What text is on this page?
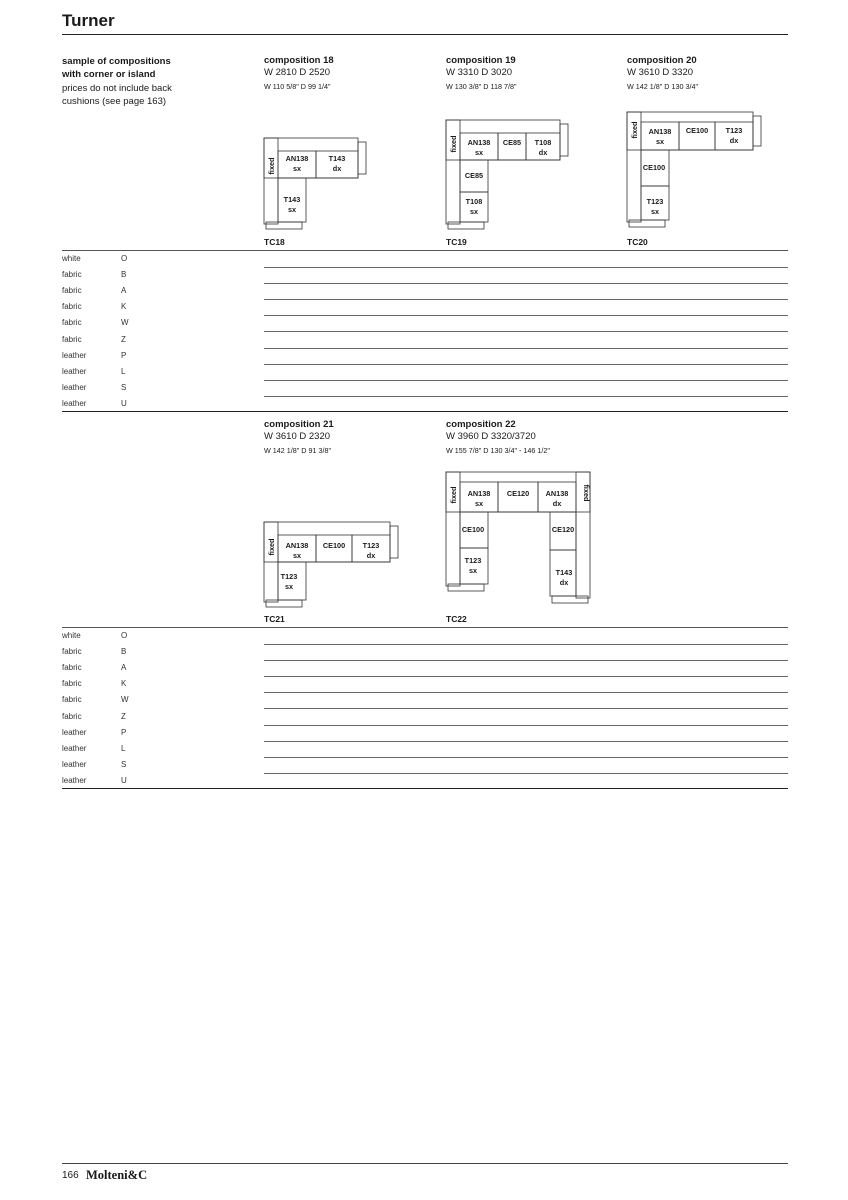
Turner
sample of compositions
with corner or island
prices do not include back
cushions (see page 163)
composition 18
W 2810 D 2520
W 110 5/8" D 99 1/4"
fixed AN138
sx
T143
dx
T143
sx
TC18
composition 19
W 3310 D 3020
W 130 3/8" D 118 7/8"
fixed AN138
sx
CE85 T108
dx
CE85
T108
sx
TC19
composition 20
W 3610 D 3320
W 142 1/8" D 130 3/4"
fixed AN138
sx
CE100 T123
dx
CE100
T123
sx
TC20
white	O
fabric	B
fabric	A
fabric	K
fabric	W
fabric	Z
leather	P
leather	L
leather	S
leather	U
composition 21
W 3610 D 2320
W 142 1/8" D 91 3/8"
fixed AN138
sx
CE100 T123
dx
T123
sx
TC21
composition 22
W 3960 D 3320/3720
W 155 7/8" D 130 3/4" - 146 1/2"
fixed AN138
sx
CE120 AN138
dx
fixed
CE100	CE120
T123
sx	T143
dx
TC22
white	O
fabric	B
fabric	A
fabric	K
fabric	W
fabric	Z
leather	P
leather	L
leather	S
leather	U
166 Molteni&C
